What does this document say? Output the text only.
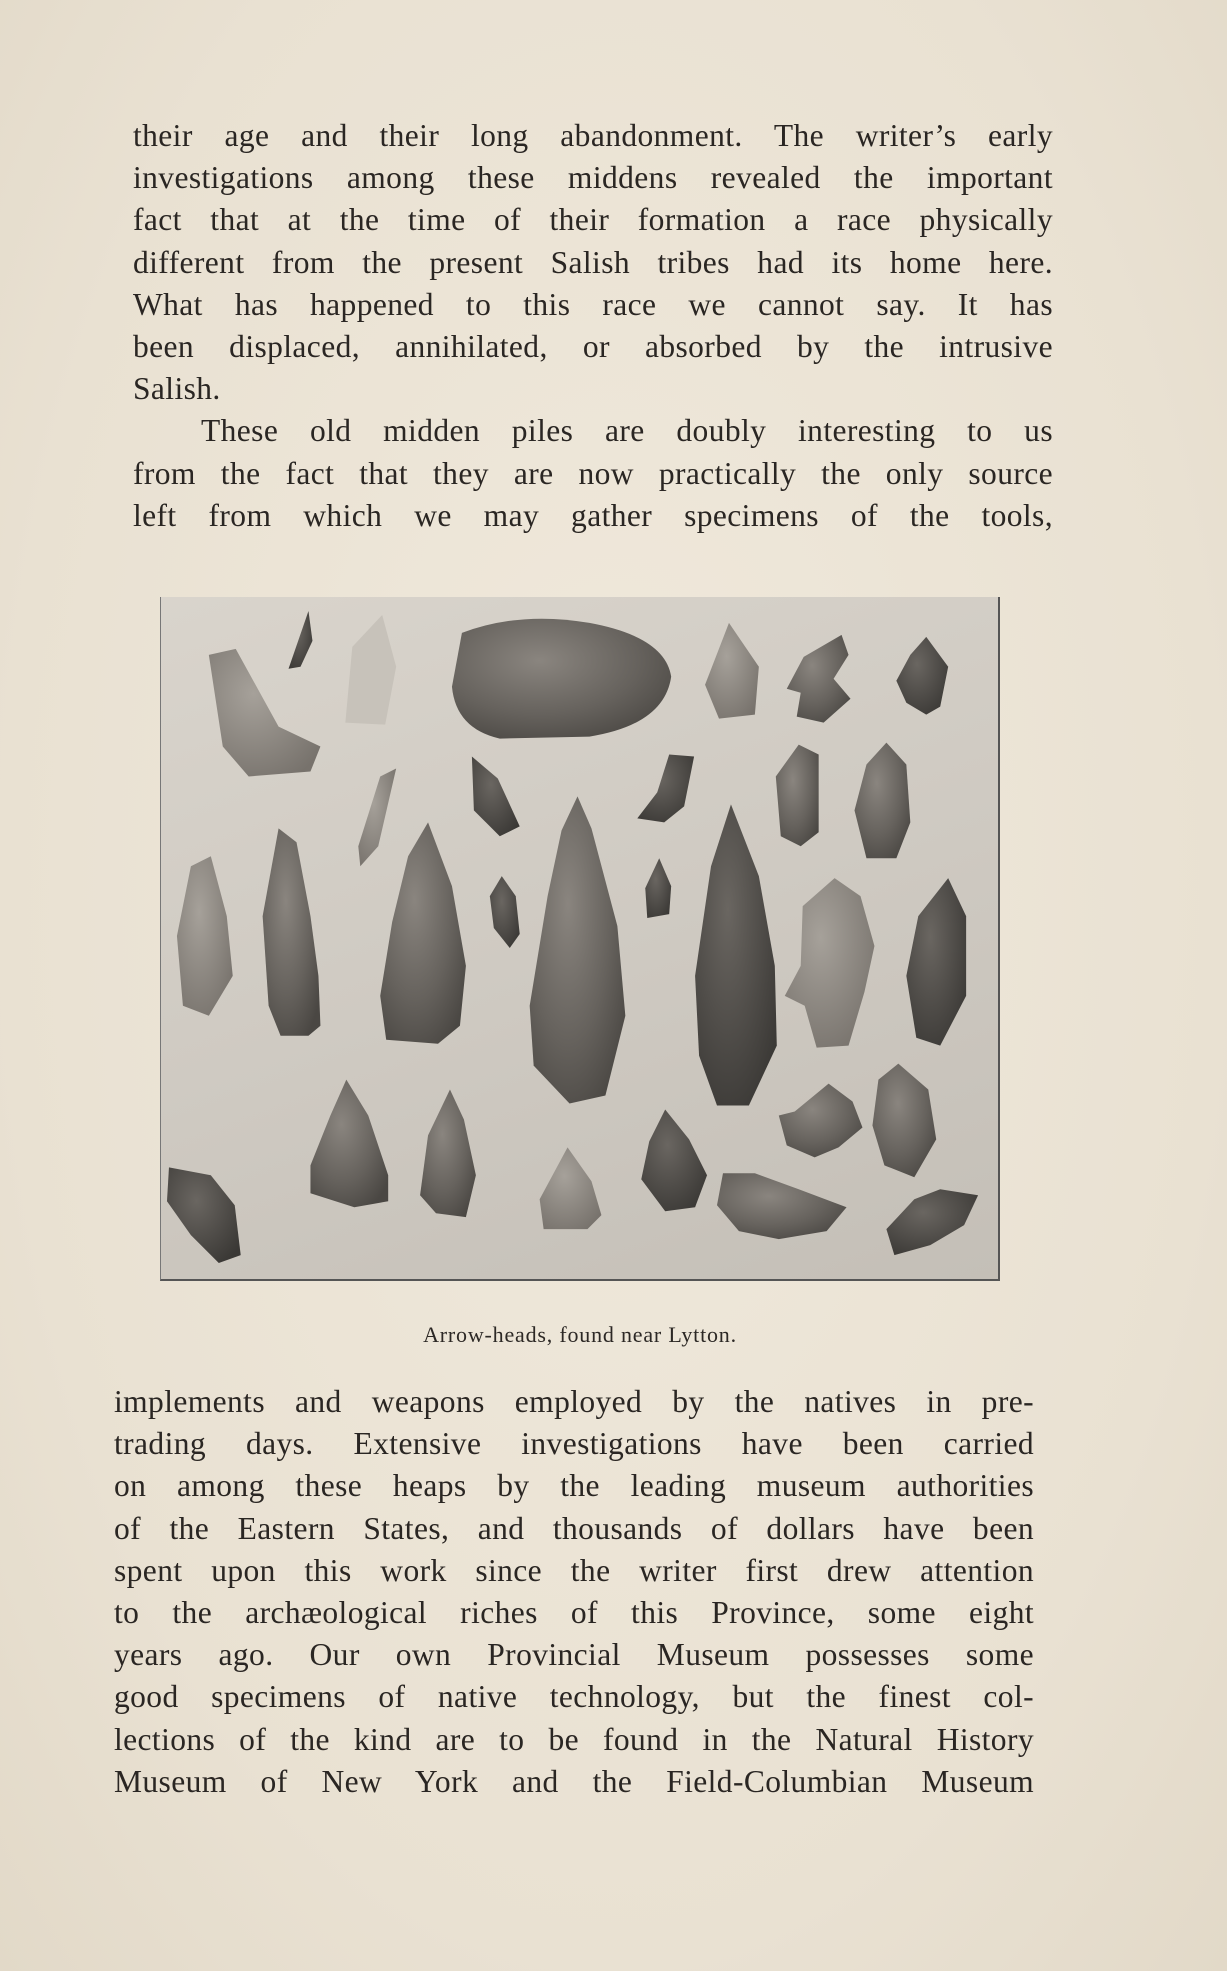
their age and their long abandonment. The writer’s early
investigations among these middens revealed the important
fact that at the time of their formation a race physically
different from the present Salish tribes had its home here.
What has happened to this race we cannot say. It has
been displaced, annihilated, or absorbed by the intrusive
Salish.

These old midden piles are doubly interesting to us
from the fact that they are now practically the only source
left from which we may gather specimens of the tools,

Arrow-heads, found near Lytton.

implements and weapons employed by the natives in pre-
trading days. Extensive investigations have been carried
on among these heaps by the leading museum authorities
of the Eastern States, and thousands of dollars have been
spent upon this work since the writer first drew attention
to the archæological riches of this Province, some eight
years ago. Our own Provincial Museum possesses some
good specimens of native technology, but the finest col-
lections of the kind are to be found in the Natural History
Museum of New York and the Field-Columbian Museum
